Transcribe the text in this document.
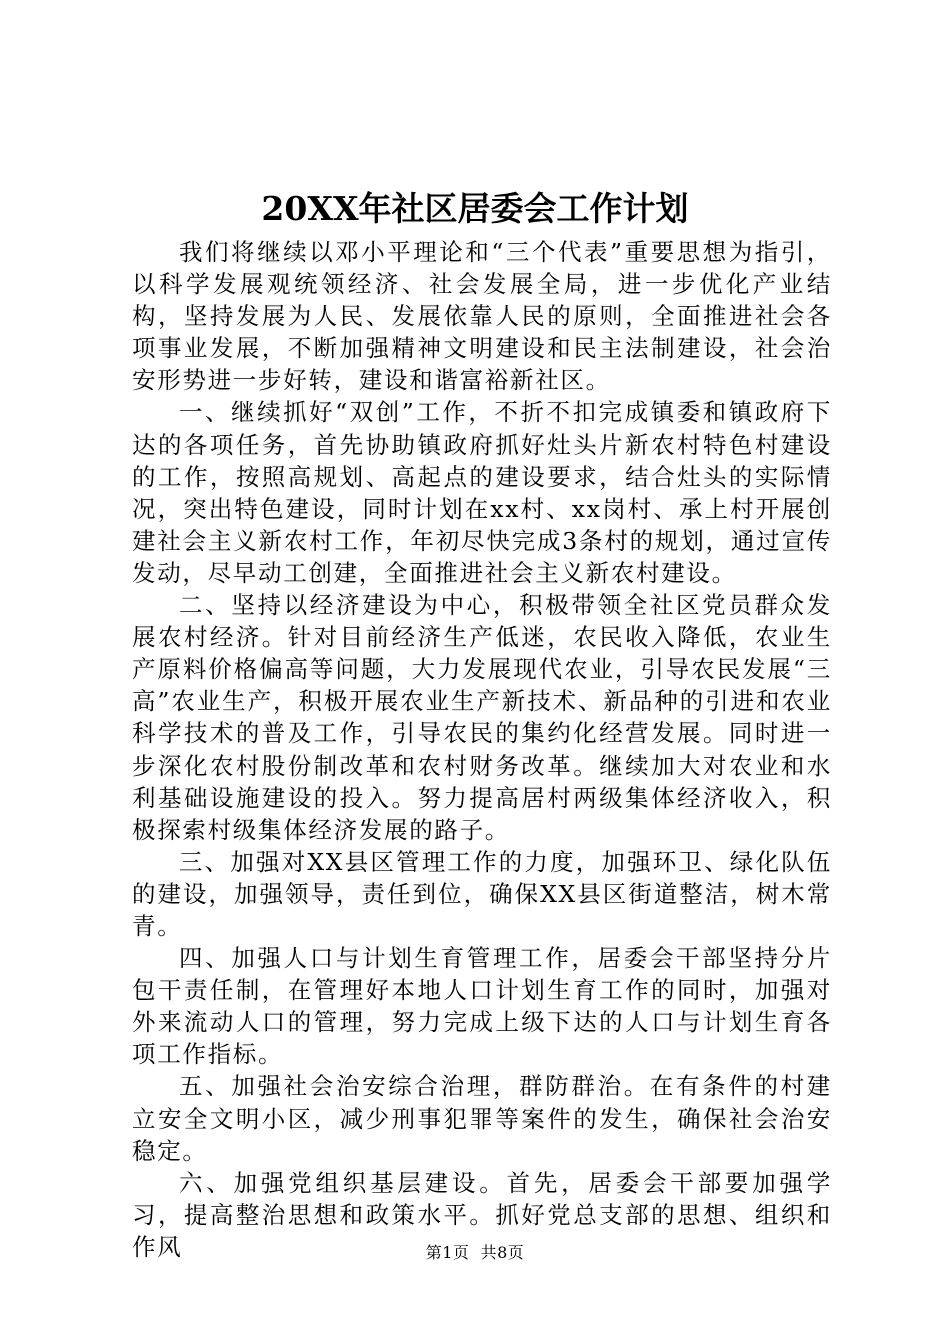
20XX年社区居委会工作计划

我们将继续以邓小平理论和“三个代表”重要思想为指引，以科学发展观统领经济、社会发展全局，进一步优化产业结构，坚持发展为人民、发展依靠人民的原则，全面推进社会各项事业发展，不断加强精神文明建设和民主法制建设，社会治安形势进一步好转，建设和谐富裕新社区。

一、继续抓好“双创”工作，不折不扣完成镇委和镇政府下达的各项任务，首先协助镇政府抓好灶头片新农村特色村建设的工作，按照高规划、高起点的建设要求，结合灶头的实际情况，突出特色建设，同时计划在xx村、xx岗村、承上村开展创建社会主义新农村工作，年初尽快完成3条村的规划，通过宣传发动，尽早动工创建，全面推进社会主义新农村建设。

二、坚持以经济建设为中心，积极带领全社区党员群众发展农村经济。针对目前经济生产低迷，农民收入降低，农业生产原料价格偏高等问题，大力发展现代农业，引导农民发展“三高”农业生产，积极开展农业生产新技术、新品种的引进和农业科学技术的普及工作，引导农民的集约化经营发展。同时进一步深化农村股份制改革和农村财务改革。继续加大对农业和水利基础设施建设的投入。努力提高居村两级集体经济收入，积极探索村级集体经济发展的路子。

三、加强对XX县区管理工作的力度，加强环卫、绿化队伍的建设，加强领导，责任到位，确保XX县区街道整洁，树木常青。

四、加强人口与计划生育管理工作，居委会干部坚持分片包干责任制，在管理好本地人口计划生育工作的同时，加强对外来流动人口的管理，努力完成上级下达的人口与计划生育各项工作指标。

五、加强社会治安综合治理，群防群治。在有条件的村建立安全文明小区，减少刑事犯罪等案件的发生，确保社会治安稳定。

六、加强党组织基层建设。首先，居委会干部要加强学习，提高整治思想和政策水平。抓好党总支部的思想、组织和作风	第1页 共8页
